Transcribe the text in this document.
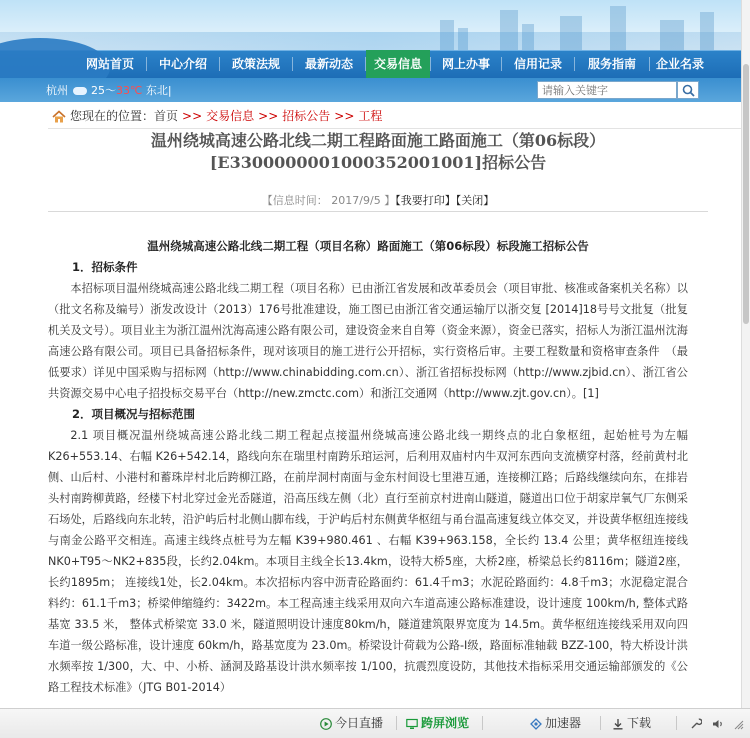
网站首页	中心介绍	政策法规	最新动态	交易信息	网上办事	信用记录	服务指南	企业名录
杭州 25～33℃ 东北|
请输入关键字
您现在的位置：首页 >> 交易信息 >> 招标公告 >> 工程
温州绕城高速公路北线二期工程路面施工路面施工（第06标段）
[E3300000001000352001001]招标公告
【信息时间： 2017/9/5 】【我要打印】【关闭】
温州绕城高速公路北线二期工程（项目名称）路面施工（第06标段）标段施工招标公告
1．招标条件

本招标项目温州绕城高速公路北线二期工程（项目名称）已由浙江省发展和改革委员会（项目审批、核准或备案机关名称）以（批文名称及编号）浙发改设计（2013）176号批准建设，施工图已由浙江省交通运输厅以浙交复 [2014]18号号文批复（批复机关及文号）。项目业主为浙江温州沈海高速公路有限公司，建设资金来自自筹（资金来源），资金已落实，招标人为浙江温州沈海高速公路有限公司。项目已具备招标条件，现对该项目的施工进行公开招标，实行资格后审。主要工程数量和资格审查条件　（最低要求）详见中国采购与招标网（http://www.chinabidding.com.cn）、浙江省招标投标网（http://www.zjbid.cn）、浙江省公共资源交易中心电子招投标交易平台（http://new.zmctc.com）和浙江交通网（http://www.zjt.gov.cn）。[1]

2．项目概况与招标范围

2.1 项目概况温州绕城高速公路北线二期工程起点接温州绕城高速公路北线一期终点的北白象枢纽，起始桩号为左幅 K26+553.14、右幅 K26+542.14，路线向东在瑞里村南跨乐琯运河，后利用双庙村内牛双河东西向支流横穿村落，经前黄村北侧、山后村、小港村和蓄珠岸村北后跨柳江路，在前岸洞村南面与金东村间设七里港互通，连接柳江路；后路线继续向东，在排岩头村南跨柳黄路，经楼下村北穿过金光岙隧道，沿高压线左侧（北）直行至前京村进南山隧道，隧道出口位于胡家岸氧气厂东侧采石场处，后路线向东北转，沿沪屿后村北侧山脚布线，于沪屿后村东侧黄华枢纽与甬台温高速复线立体交叉，并设黄华枢纽连接线与南金公路平交相连。高速主线终点桩号为左幅 K39+980.461 、右幅 K39+963.158，全长约 13.4 公里；黄华枢纽连接线NK0+T95～NK2+835段，长约2.04km。本项目主线全长13.4km，设特大桥5座，大桥2座，桥梁总长约8116m；隧道2座，长约1895m； 连接线1处，长2.04km。本次招标内容中沥青砼路面约：61.4千m3；水泥砼路面约：4.8千m3；水泥稳定混合料约：61.1千m3；桥梁伸缩缝约：3422m。本工程高速主线采用双向六车道高速公路标准建设，设计速度 100km/h, 整体式路基宽 33.5 米， 整体式桥梁宽 33.0 米，隧道照明设计速度80km/h，隧道建筑限界宽度为 14.5m。黄华枢纽连接线采用双向四车道一级公路标准，设计速度 60km/h，路基宽度为 23.0m。桥梁设计荷载为公路-Ⅰ级，路面标准轴载 BZZ-100，特大桥设计洪水频率按 1/300，大、中、小桥、涵洞及路基设计洪水频率按 1/100，抗震烈度设防，其他技术指标采用交通运输部颁发的《公路工程技术标准》（JTG B01-2014）

今日直播	跨屏浏览	加速器	下载
